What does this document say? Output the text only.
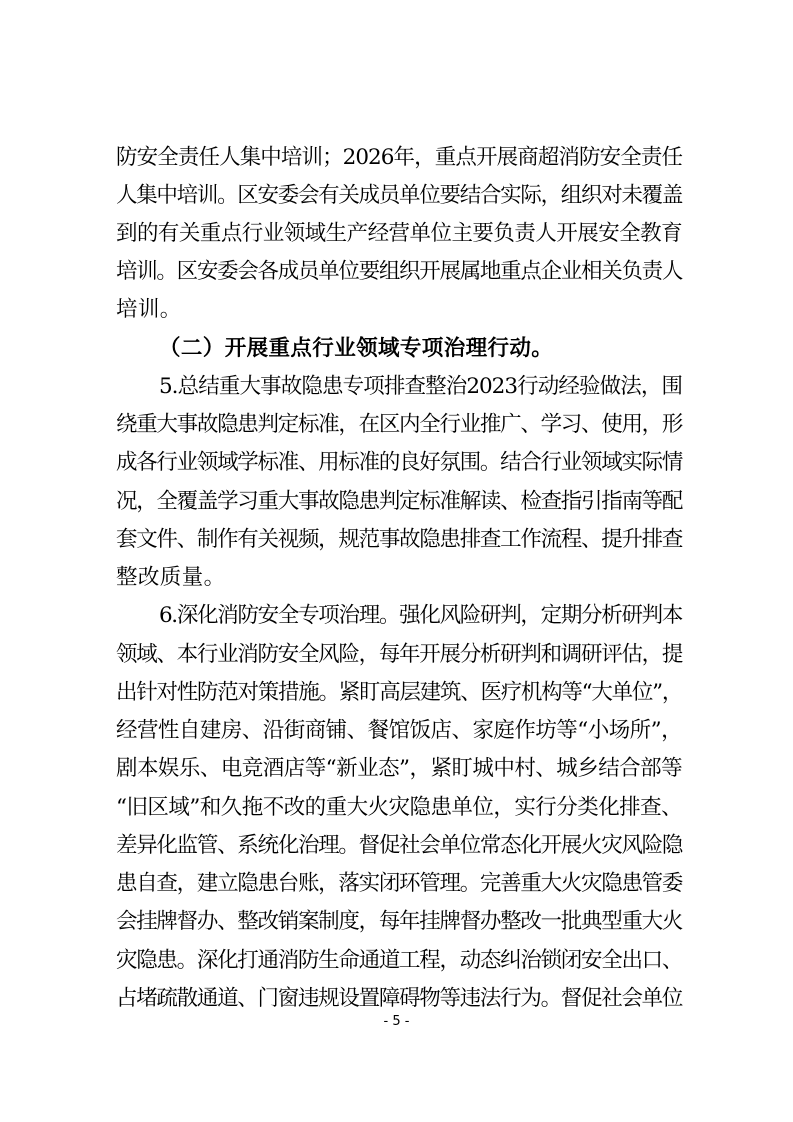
防安全责任人集中培训；2026年，重点开展商超消防安全责任
人集中培训。区安委会有关成员单位要结合实际，组织对未覆盖
到的有关重点行业领域生产经营单位主要负责人开展安全教育
培训。区安委会各成员单位要组织开展属地重点企业相关负责人
培训。
（二）开展重点行业领域专项治理行动。
5.总结重大事故隐患专项排查整治2023行动经验做法，围
绕重大事故隐患判定标准，在区内全行业推广、学习、使用，形
成各行业领域学标准、用标准的良好氛围。结合行业领域实际情
况，全覆盖学习重大事故隐患判定标准解读、检查指引指南等配
套文件、制作有关视频，规范事故隐患排查工作流程、提升排查
整改质量。
6.深化消防安全专项治理。强化风险研判，定期分析研判本
领域、本行业消防安全风险，每年开展分析研判和调研评估，提
出针对性防范对策措施。紧盯高层建筑、医疗机构等“大单位”，
经营性自建房、沿街商铺、餐馆饭店、家庭作坊等“小场所”，
剧本娱乐、电竞酒店等“新业态”，紧盯城中村、城乡结合部等
“旧区域”和久拖不改的重大火灾隐患单位，实行分类化排查、
差异化监管、系统化治理。督促社会单位常态化开展火灾风险隐
患自查，建立隐患台账，落实闭环管理。完善重大火灾隐患管委
会挂牌督办、整改销案制度，每年挂牌督办整改一批典型重大火
灾隐患。深化打通消防生命通道工程，动态纠治锁闭安全出口、
占堵疏散通道、门窗违规设置障碍物等违法行为。督促社会单位
- 5 -
